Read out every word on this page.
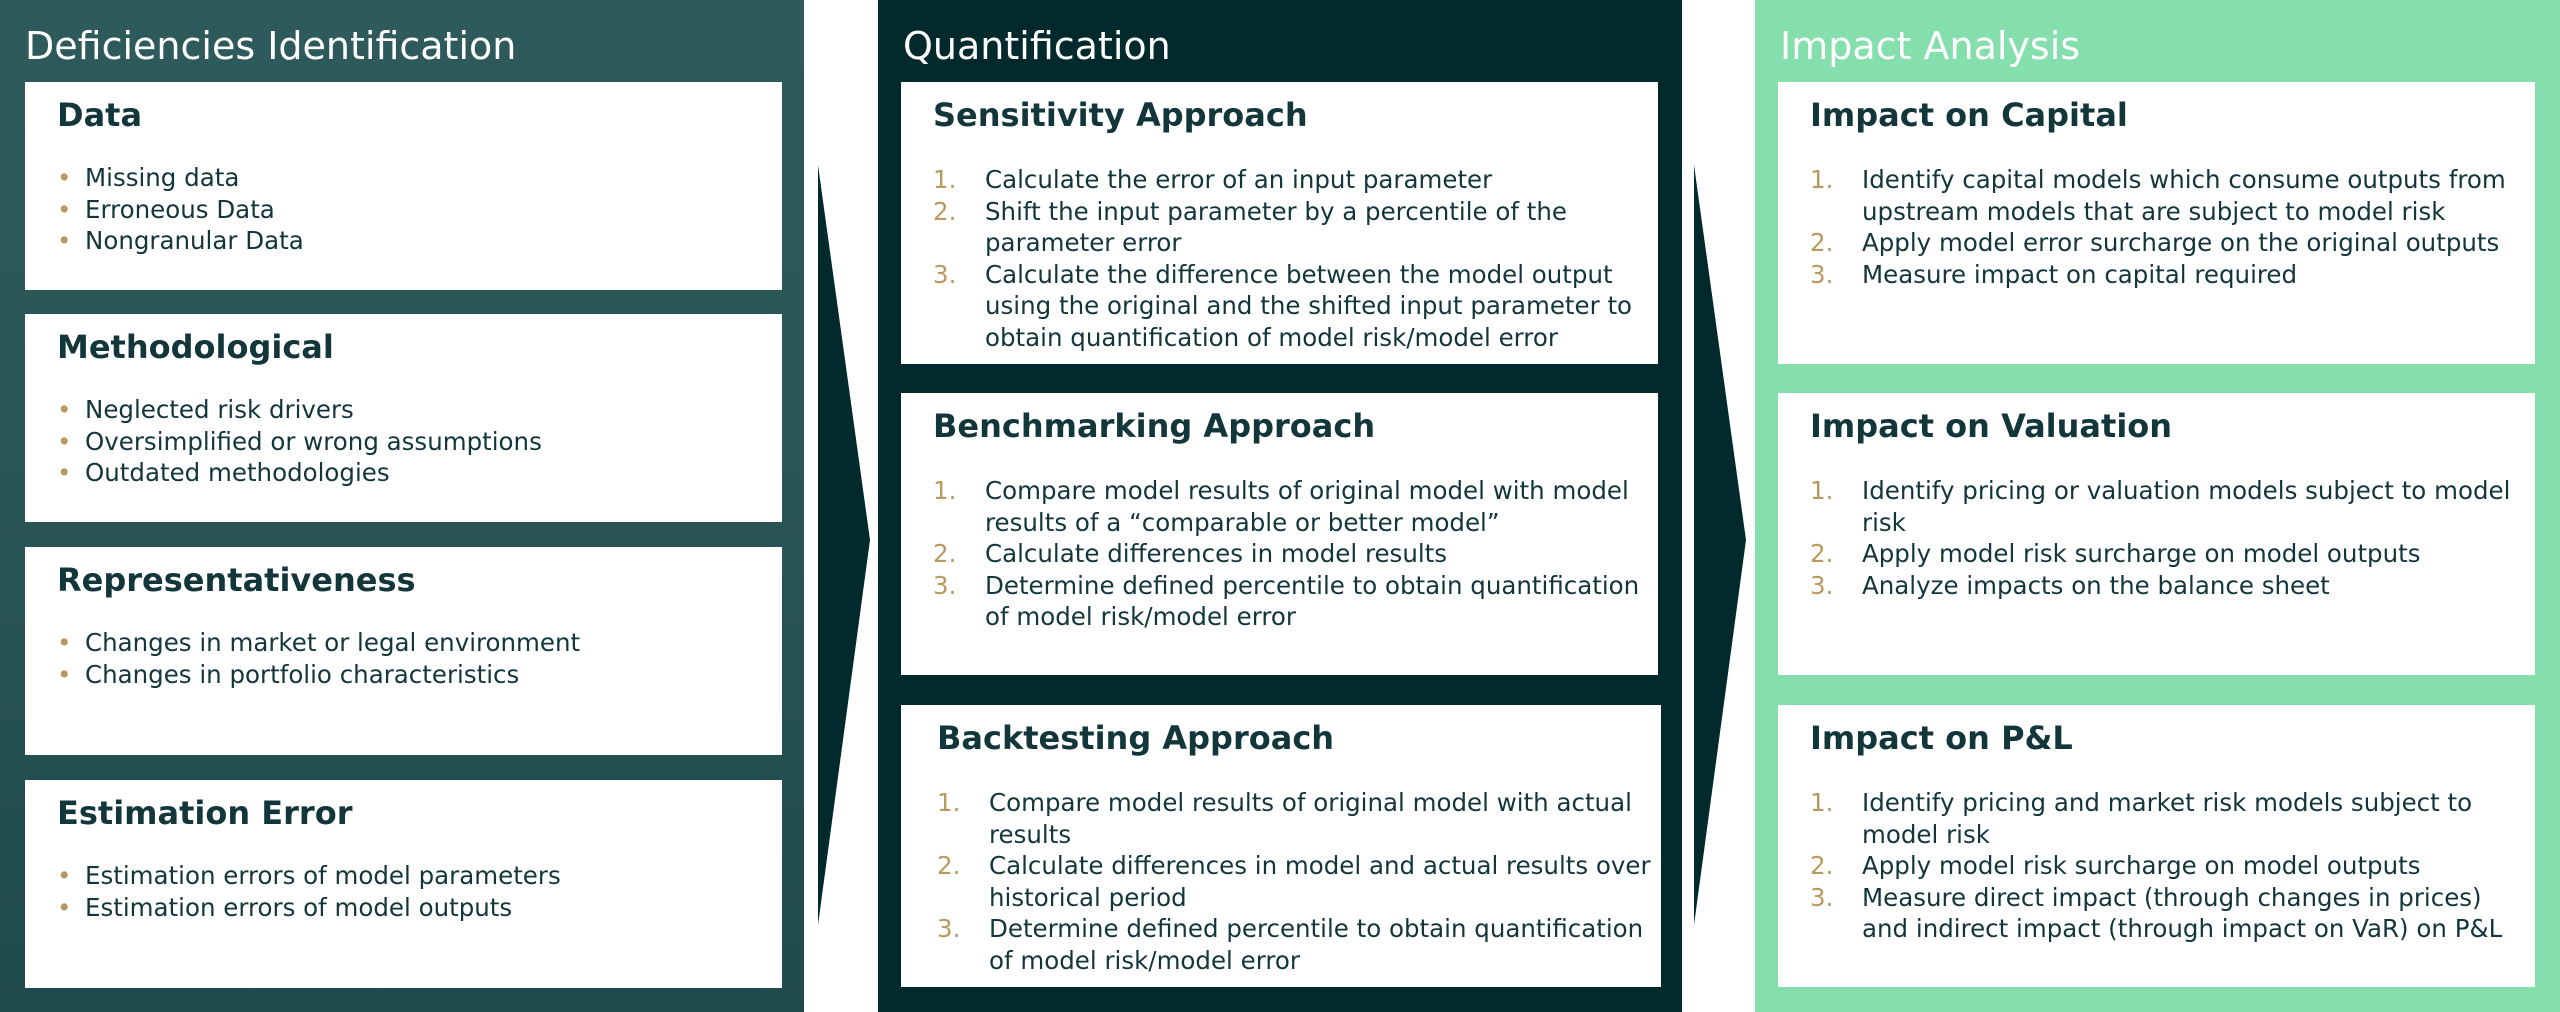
Deficiencies Identification
Data
• Missing data
• Erroneous Data
• Nongranular Data
Methodological
• Neglected risk drivers
• Oversimplified or wrong assumptions
• Outdated methodologies
Representativeness
• Changes in market or legal environment
• Changes in portfolio characteristics
Estimation Error
• Estimation errors of model parameters
• Estimation errors of model outputs
Quantification
Sensitivity Approach
1. Calculate the error of an input parameter
2. Shift the input parameter by a percentile of the parameter error
3. Calculate the difference between the model output using the original and the shifted input parameter to obtain quantification of model risk/model error
Benchmarking Approach
1. Compare model results of original model with model results of a “comparable or better model”
2. Calculate differences in model results
3. Determine defined percentile to obtain quantification of model risk/model error
Backtesting Approach
1. Compare model results of original model with actual results
2. Calculate differences in model and actual results over historical period
3. Determine defined percentile to obtain quantification of model risk/model error
Impact Analysis
Impact on Capital
1. Identify capital models which consume outputs from upstream models that are subject to model risk
2. Apply model error surcharge on the original outputs
3. Measure impact on capital required
Impact on Valuation
1. Identify pricing or valuation models subject to model risk
2. Apply model risk surcharge on model outputs
3. Analyze impacts on the balance sheet
Impact on P&L
1. Identify pricing and market risk models subject to model risk
2. Apply model risk surcharge on model outputs
3. Measure direct impact (through changes in prices) and indirect impact (through impact on VaR) on P&L
